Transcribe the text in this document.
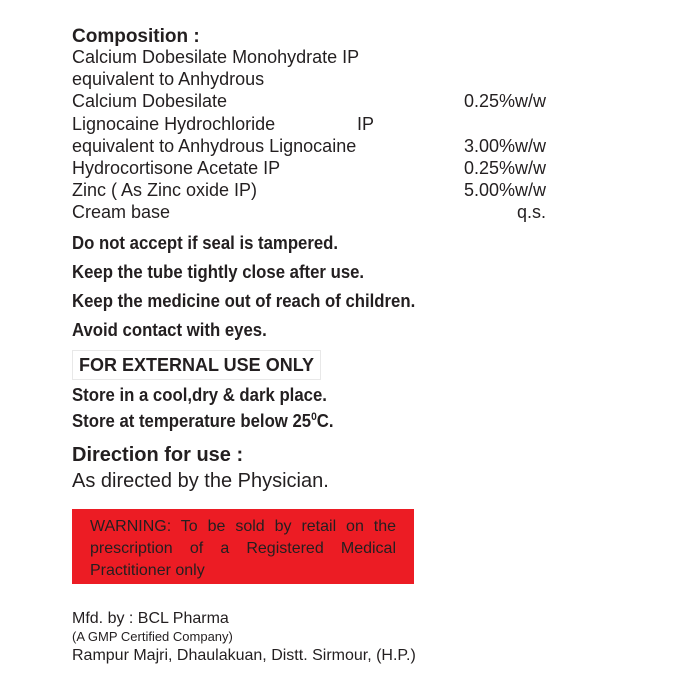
Composition :
Calcium Dobesilate Monohydrate IP
equivalent to Anhydrous
Calcium Dobesilate	0.25%w/w
Lignocaine Hydrochloride	IP
equivalent to Anhydrous Lignocaine	3.00%w/w
Hydrocortisone Acetate IP	0.25%w/w
Zinc ( As Zinc oxide IP)	5.00%w/w
Cream base	q.s.
Do not accept if seal is tampered.
Keep the tube tightly close after use.
Keep the medicine out of reach of children.
Avoid contact with eyes.
FOR EXTERNAL USE ONLY
Store in a cool,dry & dark place.
Store at temperature below $25^0C$.
Direction for use :
As directed by the Physician.
WARNING: To be sold by retail on the
prescription of a Registered Medical
Practitioner only
Mfd. by : BCL Pharma
(A GMP Certified Company)
Rampur Majri, Dhaulakuan, Distt. Sirmour, (H.P.)
